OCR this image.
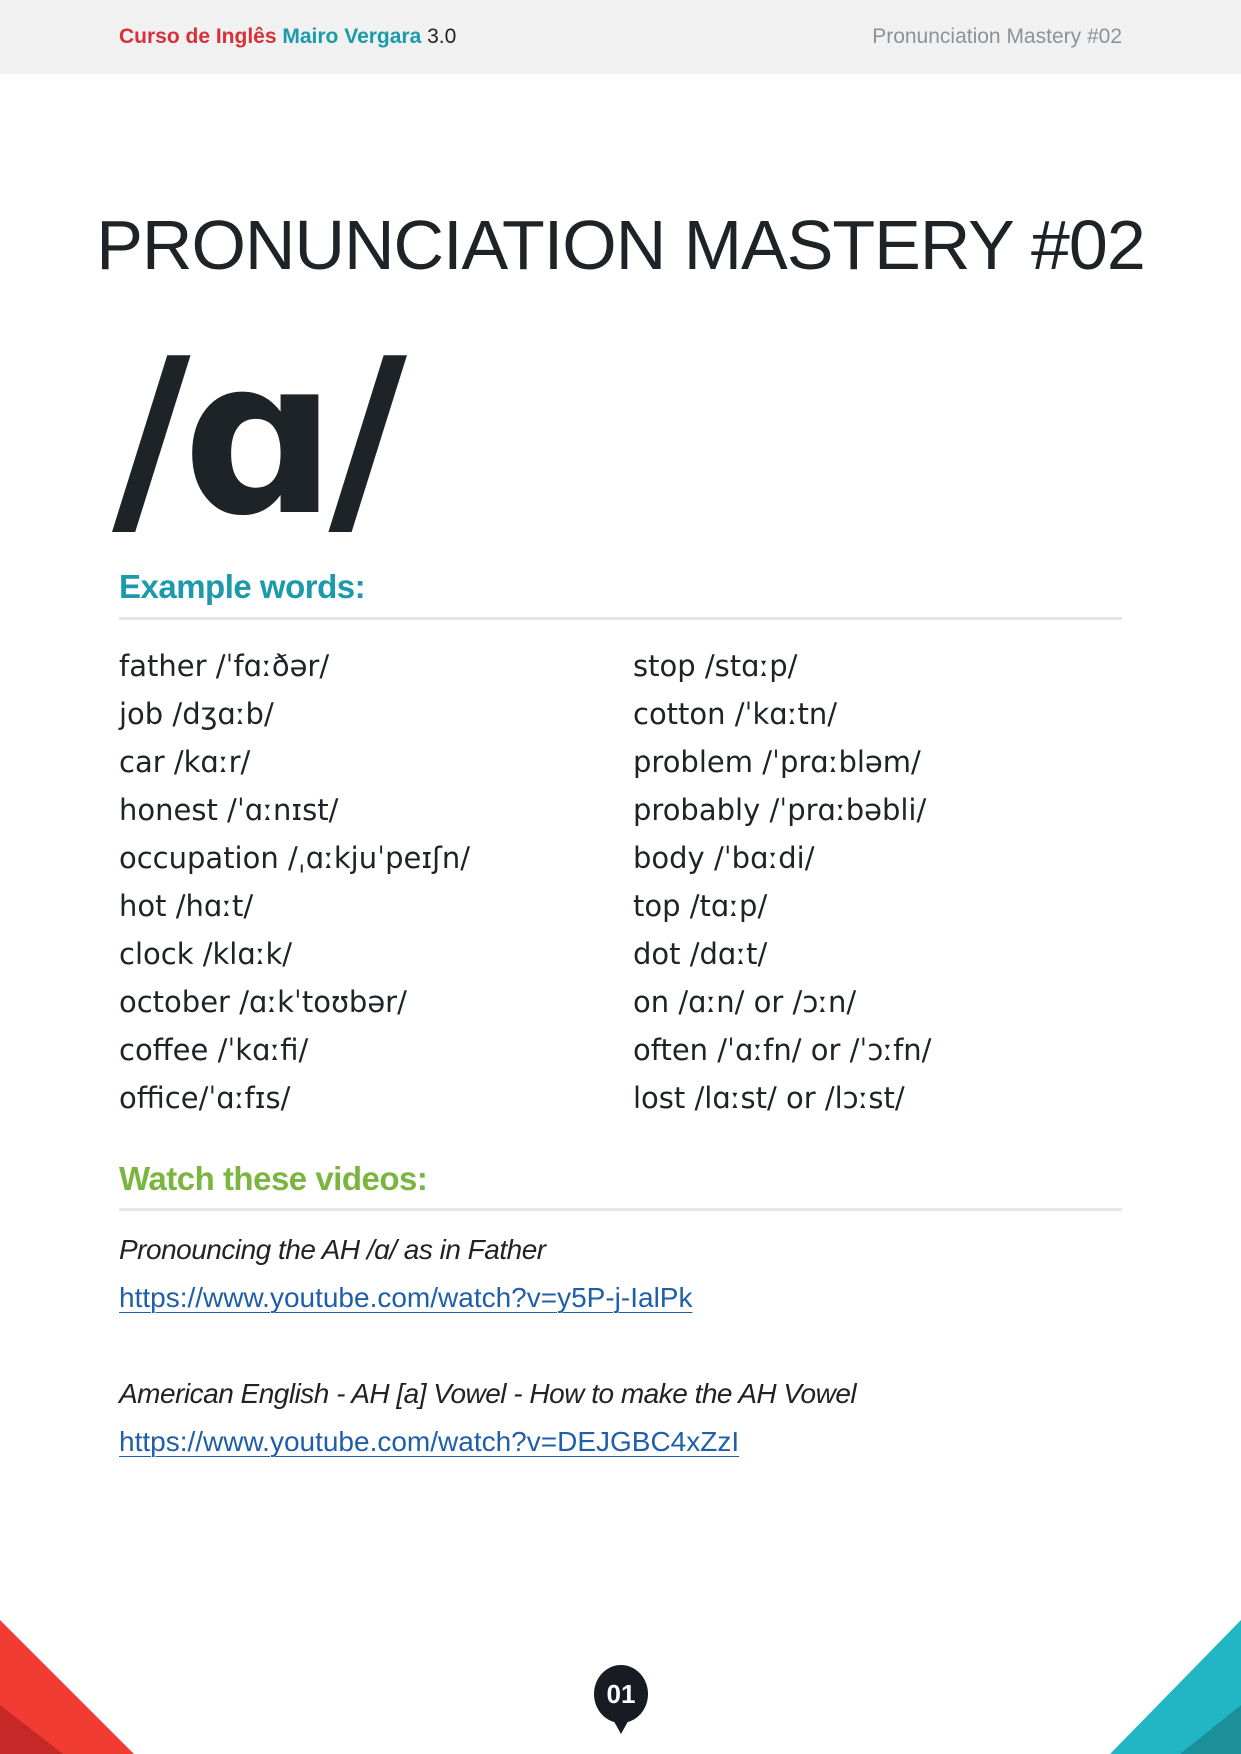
Curso de Inglês Mairo Vergara 3.0	Pronunciation Mastery #02
PRONUNCIATION MASTERY #02
/ɑ/
Example words:
father /ˈfɑːðər/
job /dʒɑːb/
car /kɑːr/
honest /ˈɑːnɪst/
occupation /ˌɑːkjuˈpeɪʃn/
hot /hɑːt/
clock /klɑːk/
october /ɑːkˈtoʊbər/
coffee /ˈkɑːfi/
office/ˈɑːfɪs/
stop /stɑːp/
cotton /ˈkɑːtn/
problem /ˈprɑːbləm/
probably /ˈprɑːbəbli/
body /ˈbɑːdi/
top /tɑːp/
dot /dɑːt/
on /ɑːn/ or /ɔːn/
often /ˈɑːfn/ or /ˈɔːfn/
lost /lɑːst/ or /lɔːst/
Watch these videos:
Pronouncing the AH /ɑ/ as in Father
https://www.youtube.com/watch?v=y5P-j-IalPk
American English - AH [a] Vowel - How to make the AH Vowel
https://www.youtube.com/watch?v=DEJGBC4xZzI
01
